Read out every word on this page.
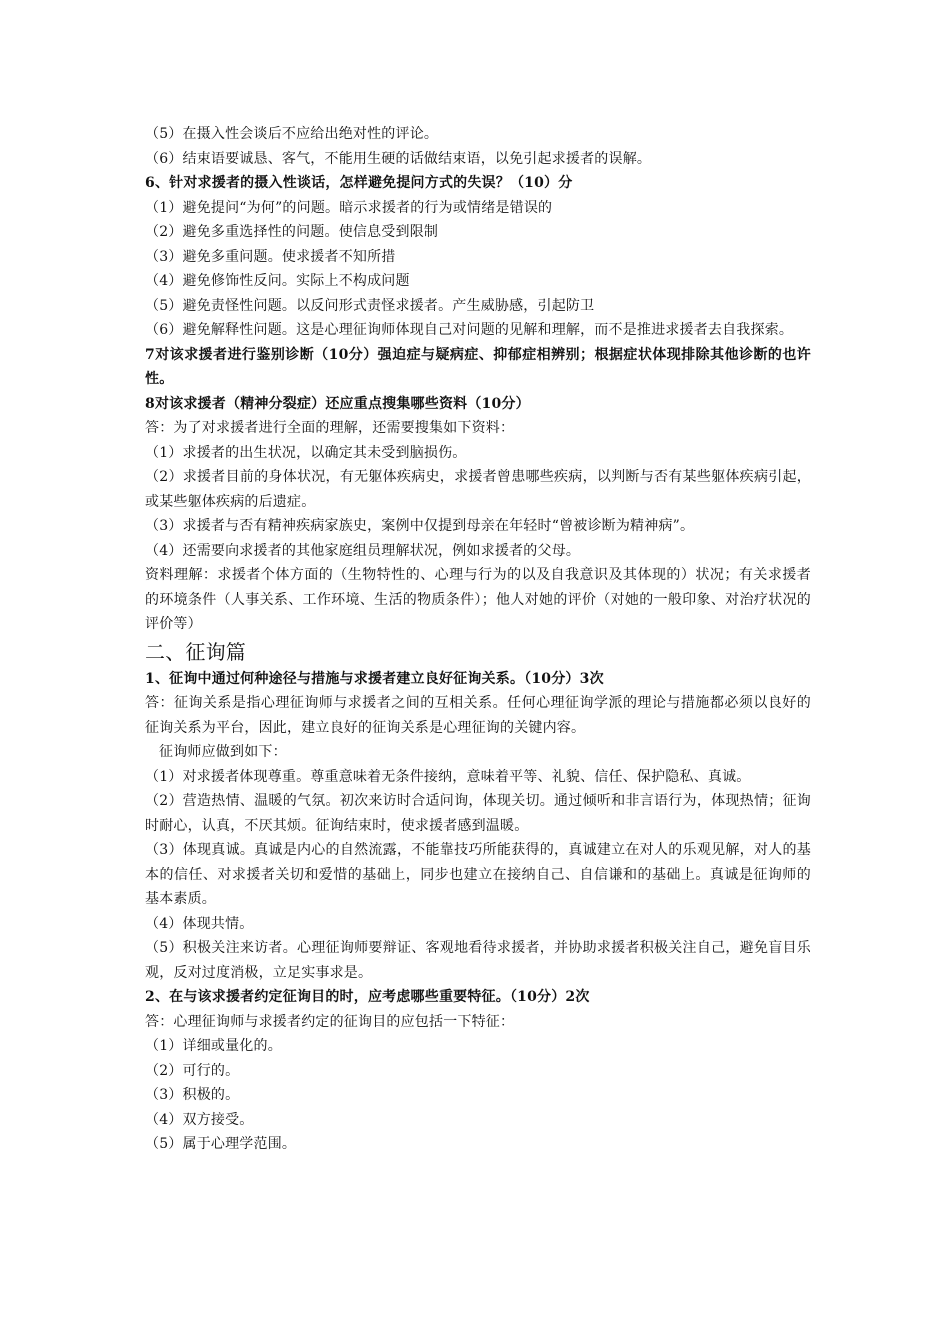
（5）在摄入性会谈后不应给出绝对性的评论。

（6）结束语要诚恳、客气，不能用生硬的话做结束语，以免引起求援者的误解。

6、针对求援者的摄入性谈话，怎样避免提问方式的失误？（10）分

（1）避免提问“为何”的问题。暗示求援者的行为或情绪是错误的

（2）避免多重选择性的问题。使信息受到限制

（3）避免多重问题。使求援者不知所措

（4）避免修饰性反问。实际上不构成问题

（5）避免责怪性问题。以反问形式责怪求援者。产生威胁感，引起防卫

（6）避免解释性问题。这是心理征询师体现自己对问题的见解和理解，而不是推进求援者去自我探索。

7对该求援者进行鉴别诊断（10分）强迫症与疑病症、抑郁症相辨别；根据症状体现排除其他诊断的也许性。

8对该求援者（精神分裂症）还应重点搜集哪些资料（10分）

答：为了对求援者进行全面的理解，还需要搜集如下资料：

（1）求援者的出生状况，以确定其未受到脑损伤。

（2）求援者目前的身体状况，有无躯体疾病史，求援者曾患哪些疾病，以判断与否有某些躯体疾病引起，或某些躯体疾病的后遗症。

（3）求援者与否有精神疾病家族史，案例中仅提到母亲在年轻时“曾被诊断为精神病”。

（4）还需要向求援者的其他家庭组员理解状况，例如求援者的父母。

资料理解：求援者个体方面的（生物特性的、心理与行为的以及自我意识及其体现的）状况；有关求援者的环境条件（人事关系、工作环境、生活的物质条件）；他人对她的评价（对她的一般印象、对治疗状况的评价等）

二、征询篇

1、征询中通过何种途径与措施与求援者建立良好征询关系。（10分）3次

答：征询关系是指心理征询师与求援者之间的互相关系。任何心理征询学派的理论与措施都必须以良好的征询关系为平台，因此，建立良好的征询关系是心理征询的关键内容。

征询师应做到如下：

（1）对求援者体现尊重。尊重意味着无条件接纳，意味着平等、礼貌、信任、保护隐私、真诚。

（2）营造热情、温暖的气氛。初次来访时合适问询，体现关切。通过倾听和非言语行为，体现热情；征询时耐心，认真，不厌其烦。征询结束时，使求援者感到温暖。

（3）体现真诚。真诚是内心的自然流露，不能靠技巧所能获得的，真诚建立在对人的乐观见解，对人的基本的信任、对求援者关切和爱惜的基础上，同步也建立在接纳自己、自信谦和的基础上。真诚是征询师的基本素质。

（4）体现共情。

（5）积极关注来访者。心理征询师要辩证、客观地看待求援者，并协助求援者积极关注自己，避免盲目乐观，反对过度消极，立足实事求是。

2、在与该求援者约定征询目的时，应考虑哪些重要特征。（10分）2次

答：心理征询师与求援者约定的征询目的应包括一下特征：

（1）详细或量化的。

（2）可行的。

（3）积极的。

（4）双方接受。

（5）属于心理学范围。
